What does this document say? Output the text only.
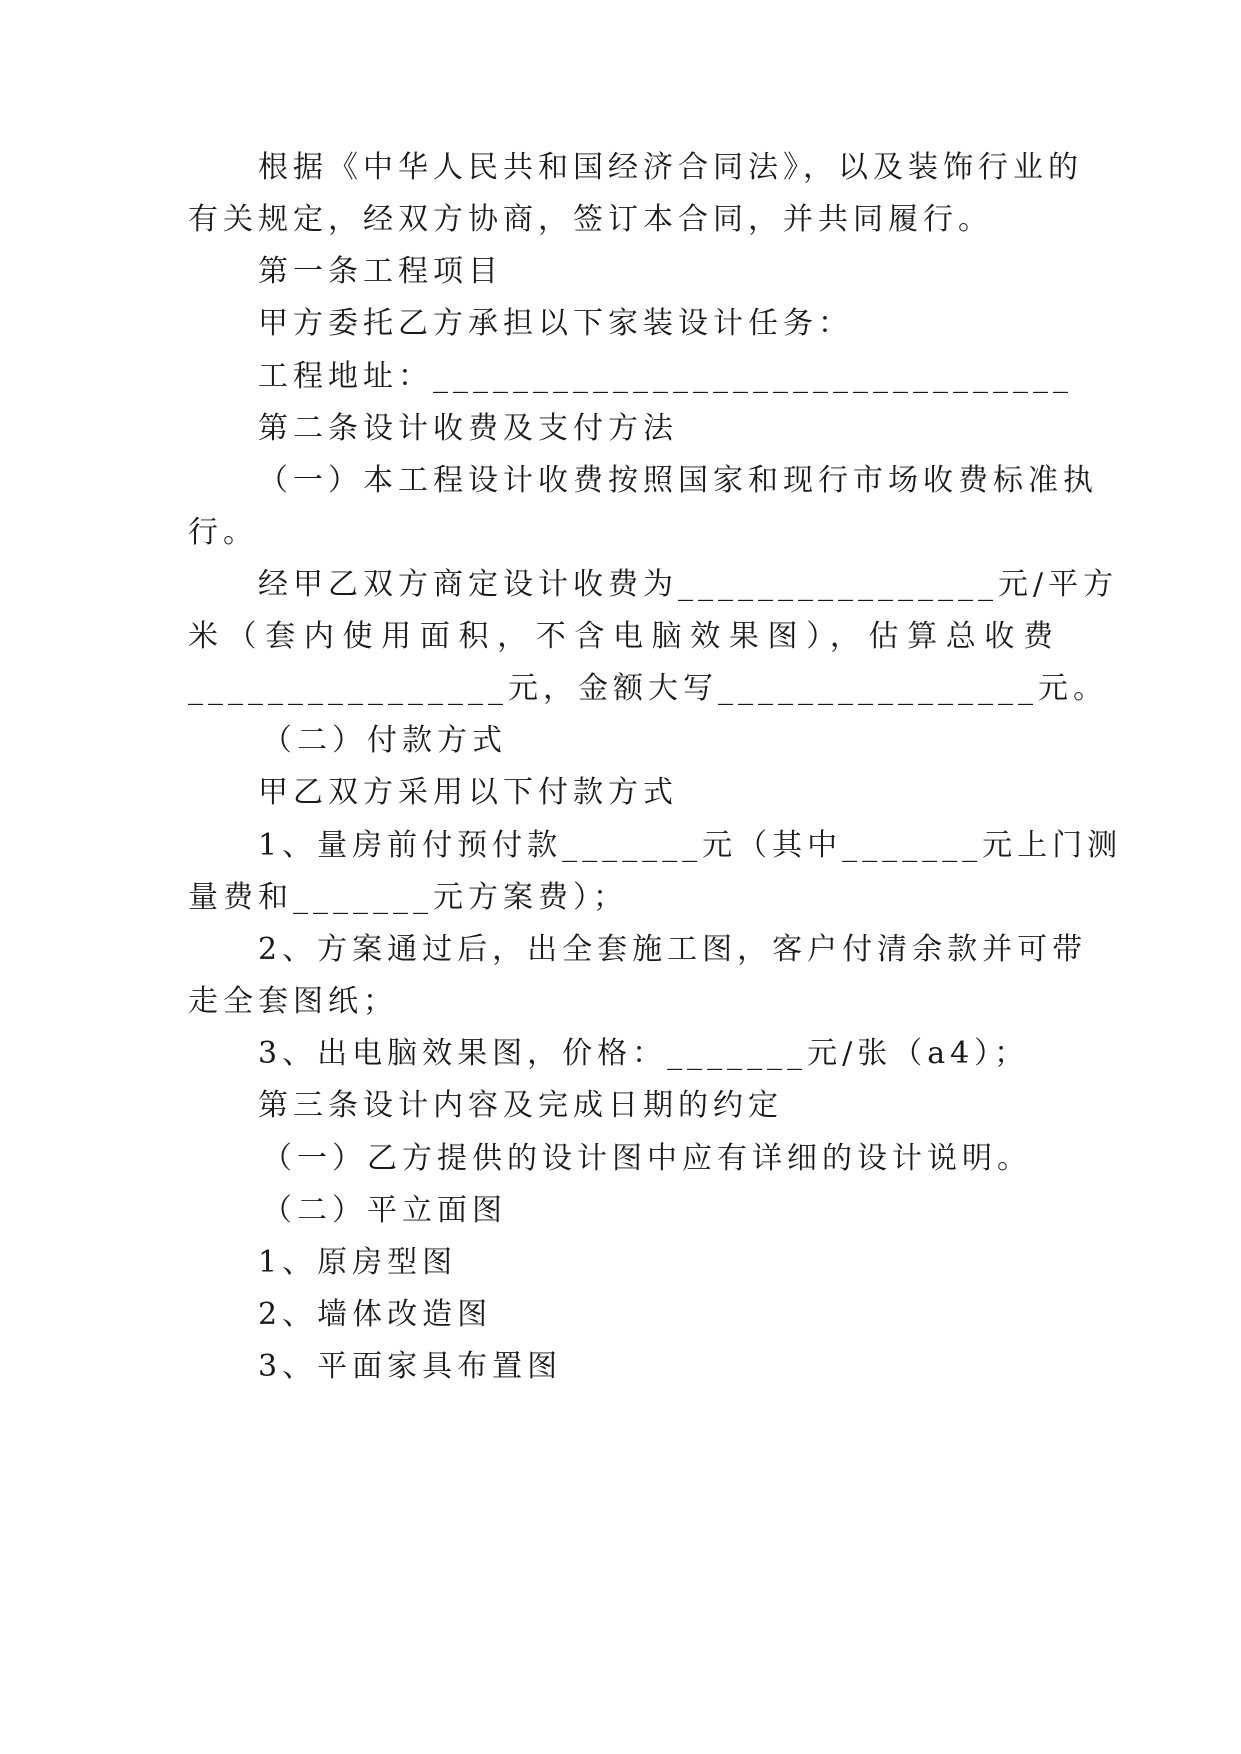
根据《中华人民共和国经济合同法》，以及装饰行业的
有关规定，经双方协商，签订本合同，并共同履行。
第一条工程项目
甲方委托乙方承担以下家装设计任务：
工程地址：________________________________
第二条设计收费及支付方法
（一）本工程设计收费按照国家和现行市场收费标准执
行。
经甲乙双方商定设计收费为________________元/平方
米（套内使用面积，不含电脑效果图），估算总收费
________________元，金额大写________________元。
（二）付款方式
甲乙双方采用以下付款方式
1、量房前付预付款_______元（其中_______元上门测
量费和_______元方案费）；
2、方案通过后，出全套施工图，客户付清余款并可带
走全套图纸；
3、出电脑效果图，价格：_______元/张（a4）；
第三条设计内容及完成日期的约定
（一）乙方提供的设计图中应有详细的设计说明。
（二）平立面图
1、原房型图
2、墙体改造图
3、平面家具布置图
